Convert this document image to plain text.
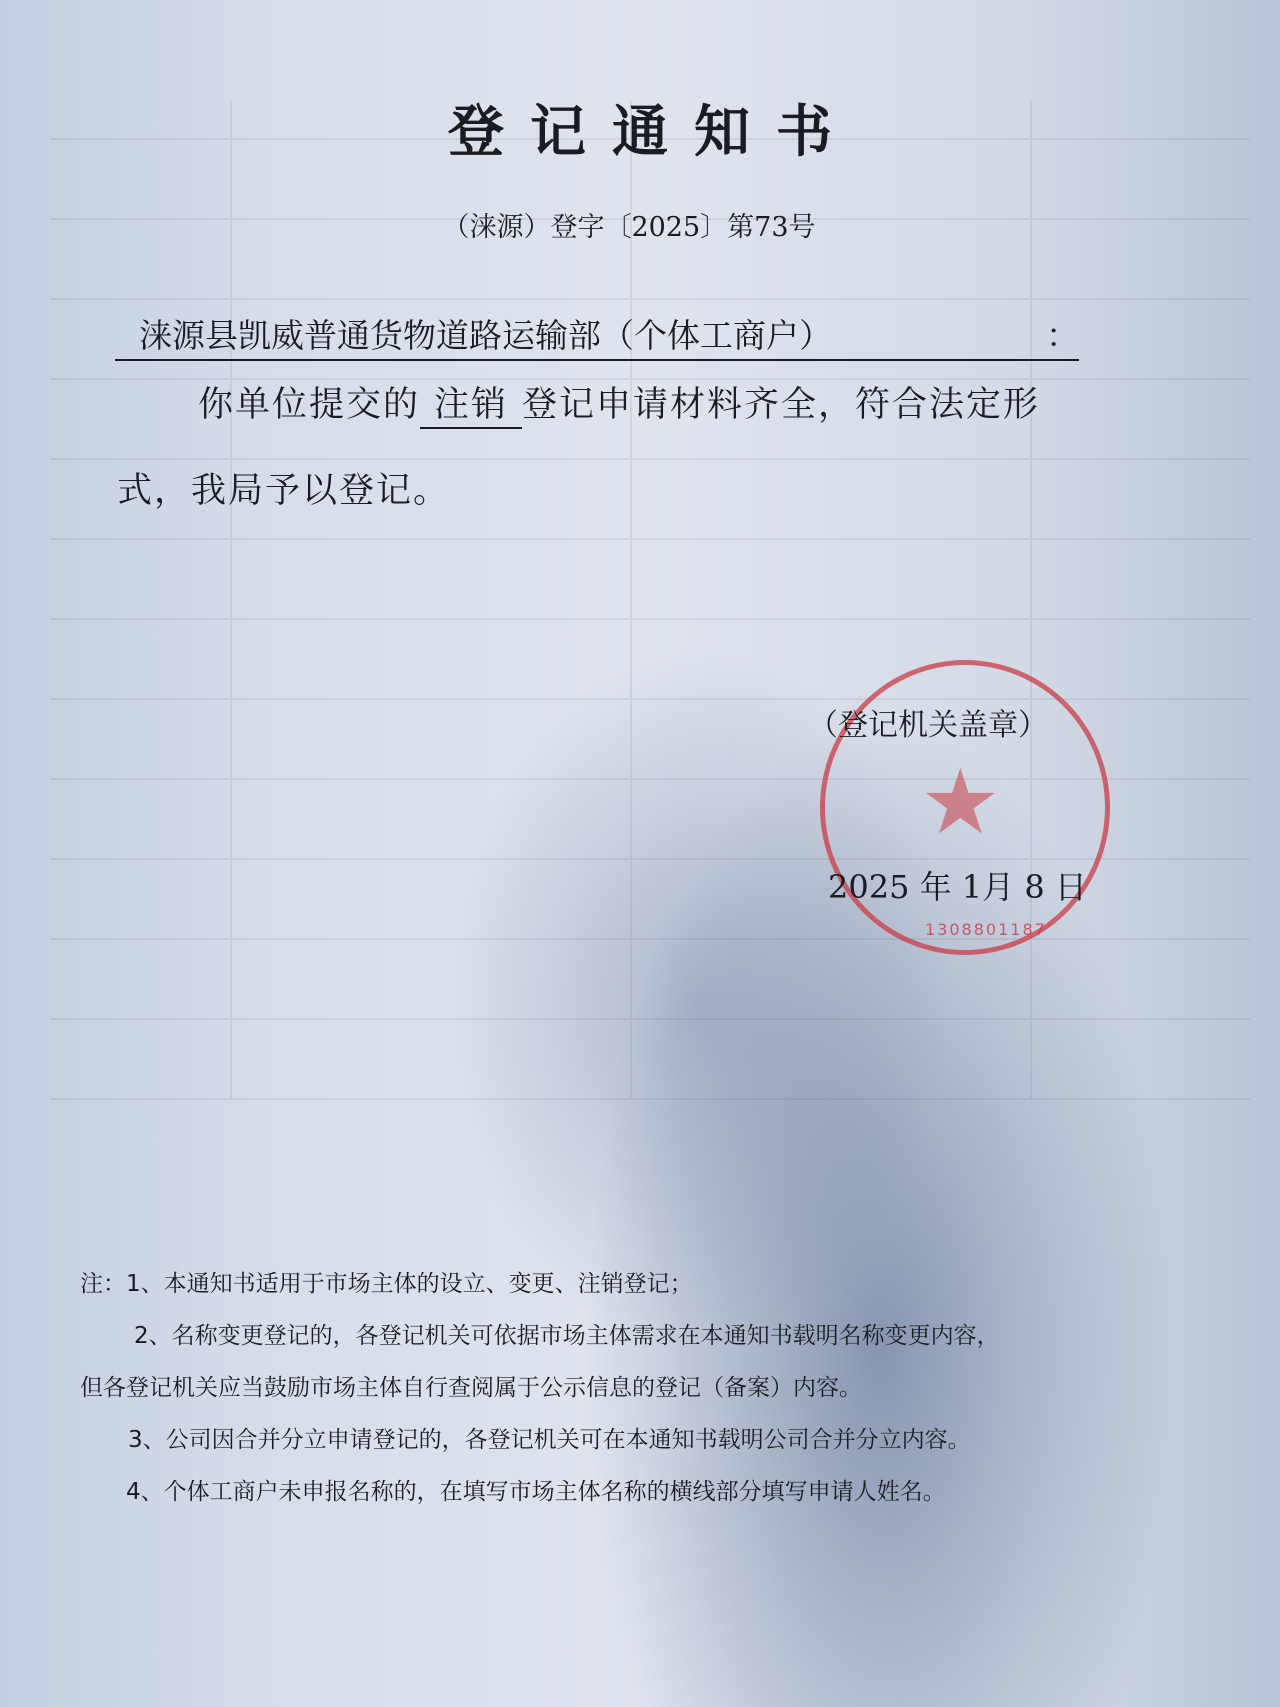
登记通知书
（涞源）登字〔2025〕第73号
涞源县凯威普通货物道路运输部（个体工商户）	：
你单位提交的 注销 登记申请材料齐全，符合法定形
式，我局予以登记。
★
1308801187
（登记机关盖章）
2025 年 1月 8 日
注：1、本通知书适用于市场主体的设立、变更、注销登记；
2、名称变更登记的，各登记机关可依据市场主体需求在本通知书载明名称变更内容，
但各登记机关应当鼓励市场主体自行查阅属于公示信息的登记（备案）内容。
3、公司因合并分立申请登记的，各登记机关可在本通知书载明公司合并分立内容。
4、个体工商户未申报名称的，在填写市场主体名称的横线部分填写申请人姓名。
